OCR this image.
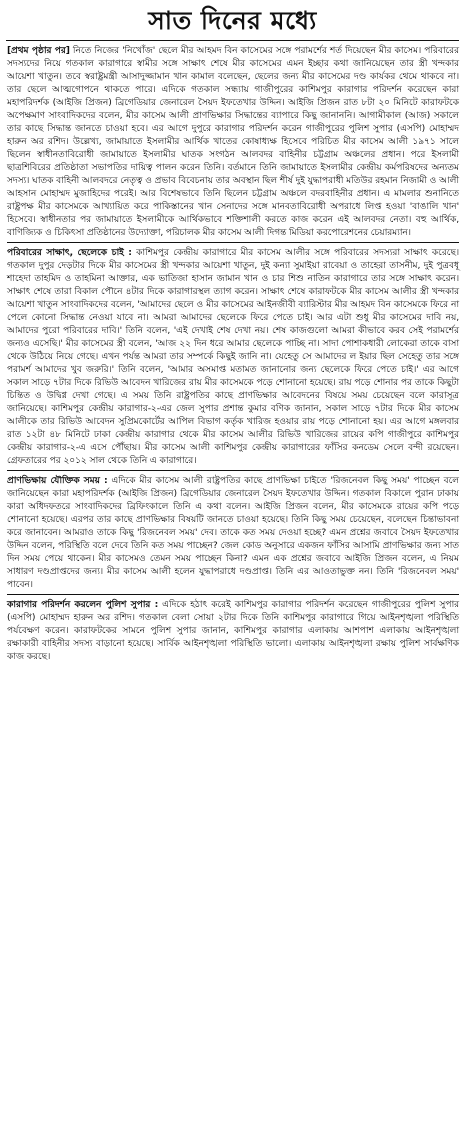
সাত দিনের মধ্যে

[প্রথম পৃষ্ঠার পর] নিতে নিজের 'নিখোঁজ' ছেলে মীর আহমদ বিন কাসেমের সঙ্গে পরামর্শের শর্ত দিয়েছেন মীর কাসেম। পরিবারের সদস্যদের নিয়ে গতকাল কারাগারে স্বামীর সঙ্গে সাক্ষাৎ শেষে মীর কাসেমের এমন ইচ্ছার কথা জানিয়েছেন তার স্ত্রী খন্দকার আয়েশা খাতুন। তবে স্বরাষ্ট্রমন্ত্রী আসাদুজ্জামান খান কামাল বলেছেন, ছেলের জন্য মীর কাসেমের দণ্ড কার্যকর থেমে থাকবে না। তার ছেলে আত্মগোপনে থাকতে পারে। এদিকে গতকাল সন্ধ্যায় গাজীপুরের কাশিমপুর কারাগার পরিদর্শন করেছেন কারা মহাপরিদর্শক (আইজি প্রিজন) ব্রিগেডিয়ার জেনারেল সৈয়দ ইফতেখার উদ্দিন। আইজি প্রিজন রাত ৮টা ২০ মিনিটে কারাফটকে অপেক্ষমাণ সাংবাদিকদের বলেন, মীর কাসেম আলী প্রাণভিক্ষার সিদ্ধান্তের ব্যাপারে কিছু জানাননি। আগামীকাল (আজ) সকালে তার কাছে সিদ্ধান্ত জানতে চাওয়া হবে। এর আগে দুপুরে কারাগার পরিদর্শন করেন গাজীপুরের পুলিশ সুপার (এসপি) মোহাম্মদ হারুন অর রশিদ। উল্লেখ্য, জামায়াতে ইসলামীর আর্থিক খাতের কোষাধ্যক্ষ হিসেবে পরিচিত মীর কাসেম আলী ১৯৭১ সালে ছিলেন স্বাধীনতাবিরোধী জামায়াতে ইসলামীর ঘাতক সংগঠন আলবদর বাহিনীর চট্টগ্রাম অঞ্চলের প্রধান। পরে ইসলামী ছাত্রশিবিরের প্রতিষ্ঠাতা সভাপতির দায়িত্ব পালন করেন তিনি। বর্তমানে তিনি জামায়াতে ইসলামীর কেন্দ্রীয় কর্মপরিষদের অন্যতম সদস্য। ঘাতক বাহিনী আলবদরে নেতৃত্ব ও প্রভাব বিবেচনায় তার অবস্থান ছিল শীর্ষ দুই যুদ্ধাপরাধী মতিউর রহমান নিজামী ও আলী আহসান মোহাম্মদ মুজাহিদের পরেই। আর বিশেষভাবে তিনি ছিলেন চট্টগ্রাম অঞ্চলে বদরবাহিনীর প্রধান। এ মামলার শুনানিতে রাষ্ট্রপক্ষ মীর কাসেমকে আখ্যায়িত করে পাকিস্তানের খান সেনাদের সঙ্গে মানবতাবিরোধী অপরাধে লিপ্ত হওয়া 'বাঙালি খান' হিসেবে। স্বাধীনতার পর জামায়াতে ইসলামীকে আর্থিকভাবে শক্তিশালী করতে কাজ করেন এই আলবদর নেতা। বহু আর্থিক, বাণিজ্যিক ও চিকিৎসা প্রতিষ্ঠানের উদ্যোক্তা, পরিচালক মীর কাসেম আলী দিগন্ত মিডিয়া করপোরেশনের চেয়ারম্যান।

পরিবারের সাক্ষাৎ, ছেলেকে চাই : কাশিমপুর কেন্দ্রীয় কারাগারে মীর কাসেম আলীর সঙ্গে পরিবারের সদস্যরা সাক্ষাৎ করেছে। গতকাল দুপুর দেড়টার দিকে মীর কাসেমের স্ত্রী খন্দকার আয়েশা খাতুন, দুই কন্যা সুমাইয়া রাবেয়া ও তাহেরা তাসনীম, দুই পুত্রবধূ শাহেদা তাহমিদ ও তাহমিনা আক্তার, এক ভাতিজা হাসান জামান খান ও চার শিশু নাতিন কারাগারে তার সঙ্গে সাক্ষাৎ করেন। সাক্ষাৎ শেষে তারা বিকাল পৌনে ৪টার দিকে কারাগারস্থল ত্যাগ করেন। সাক্ষাৎ শেষে কারাফটকে মীর কাসেম আলীর স্ত্রী খন্দকার আয়েশা খাতুন সাংবাদিকদের বলেন, 'আমাদের ছেলে ও মীর কাসেমের আইনজীবী ব্যারিস্টার মীর আহমদ বিন কাসেমকে ফিরে না পেলে কোনো সিদ্ধান্ত নেওয়া যাবে না। আমরা আমাদের ছেলেকে ফিরে পেতে চাই। আর এটা শুধু মীর কাসেমের দাবি নয়, আমাদের পুরো পরিবারের দাবি।' তিনি বলেন, 'এই দেখাই শেষ দেখা নয়। শেষ কাজগুলো আমরা কীভাবে করব সেই পরামর্শের জন্যও এসেছি।' মীর কাসেমের স্ত্রী বলেন, 'আজ ২২ দিন ধরে আমার ছেলেকে পাচ্ছি না। সাদা পোশাকধারী লোকেরা তাকে বাসা থেকে উঠিয়ে নিয়ে গেছে। এখন পর্যন্ত আমরা তার সম্পর্কে কিছুই জানি না। যেহেতু সে আমাদের ল ইয়ার ছিল সেহেতু তার সঙ্গে পরামর্শ আমাদের খুব জরুরি।' তিনি বলেন, 'আমার অসমাপ্ত মতামত জানানোর জন্য ছেলেকে ফিরে পেতে চাই।' এর আগে সকাল সাড়ে ৭টার দিকে রিভিউ আবেদন খারিজের রায় মীর কাসেমকে পড়ে শোনানো হয়েছে। রায় পড়ে শোনার পর তাকে কিছুটা চিন্তিত ও উদ্বিগ্ন দেখা গেছে। এ সময় তিনি রাষ্ট্রপতির কাছে প্রাণভিক্ষার আবেদনের বিষয়ে সময় চেয়েছেন বলে কারাসূত্র জানিয়েছে। কাশিমপুর কেন্দ্রীয় কারাগার-২-এর জেল সুপার প্রশান্ত কুমার বণিক জানান, সকাল সাড়ে ৭টার দিকে মীর কাসেম আলীকে তার রিভিউ আবেদন সুপ্রিমকোর্টের আপিল বিভাগ কর্তৃক খারিজ হওয়ার রায় পড়ে শোনানো হয়। এর আগে মঙ্গলবার রাত ১২টা ৪৮ মিনিটে ঢাকা কেন্দ্রীয় কারাগার থেকে মীর কাসেম আলীর রিভিউ খারিজের রায়ের কপি গাজীপুরে কাশিমপুর কেন্দ্রীয় কারাগার-২-এ এসে পৌঁছায়। মীর কাসেম আলী কাশিমপুর কেন্দ্রীয় কারাগারের ফাঁসির কনডেম সেলে বন্দী রয়েছেন। গ্রেফতারের পর ২০১২ সাল থেকে তিনি এ কারাগারে।

প্রাণভিক্ষায় যৌক্তিক সময় : এদিকে মীর কাসেম আলী রাষ্ট্রপতির কাছে প্রাণভিক্ষা চাইতে 'রিজনেবল কিছু সময়' পাচ্ছেন বলে জানিয়েছেন কারা মহাপরিদর্শক (আইজি প্রিজন) ব্রিগেডিয়ার জেনারেল সৈয়দ ইফতেখার উদ্দিন। গতকাল বিকালে পুরান ঢাকায় কারা অধিদফতরে সাংবাদিকদের ব্রিফিংকালে তিনি এ কথা বলেন। আইজি প্রিজন বলেন, মীর কাসেমকে রায়ের কপি পড়ে শোনানো হয়েছে। এরপর তার কাছে প্রাণভিক্ষার বিষয়টি জানতে চাওয়া হয়েছে। তিনি কিছু সময় চেয়েছেন, বলেছেন চিন্তাভাবনা করে জানাবেন। আমরাও তাকে কিছু 'রিজনেবল সময়' দেব। তাকে কত সময় দেওয়া হচ্ছে? এমন প্রশ্নের জবাবে সৈয়দ ইফতেখার উদ্দিন বলেন, পরিস্থিতি বলে দেবে তিনি কত সময় পাচ্ছেন? জেল কোড অনুসারে একজন ফাঁসির আসামি প্রাণভিক্ষার জন্য সাত দিন সময় পেয়ে থাকেন। মীর কাসেমও তেমন সময় পাচ্ছেন কিনা? এমন এক প্রশ্নের জবাবে আইজি প্রিজন বলেন, এ নিয়ম সাধারণ দণ্ডপ্রাপ্তদের জন্য। মীর কাসেম আলী হলেন যুদ্ধাপরাধে দণ্ডপ্রাপ্ত। তিনি এর আওতাভুক্ত নন। তিনি 'রিজনেবল সময়' পাবেন।

কারাগার পরিদর্শন করলেন পুলিশ সুপার : এদিকে হঠাৎ করেই কাশিমপুর কারাগার পরিদর্শন করেছেন গাজীপুরের পুলিশ সুপার (এসপি) মোহাম্মদ হারুন অর রশিদ। গতকাল বেলা সোয়া ২টার দিকে তিনি কাশিমপুর কারাগারে গিয়ে আইনশৃঙ্খলা পরিস্থিতি পর্যবেক্ষণ করেন। কারাফটকের সামনে পুলিশ সুপার জানান, কাশিমপুর কারাগার এলাকায় আশপাশ এলাকায় আইনশৃঙ্খলা রক্ষাকারী বাহিনীর সদস্য বাড়ানো হয়েছে। সার্বিক আইনশৃঙ্খলা পরিস্থিতি ভালো। এলাকায় আইনশৃঙ্খলা রক্ষায় পুলিশ সার্বক্ষণিক কাজ করছে।
